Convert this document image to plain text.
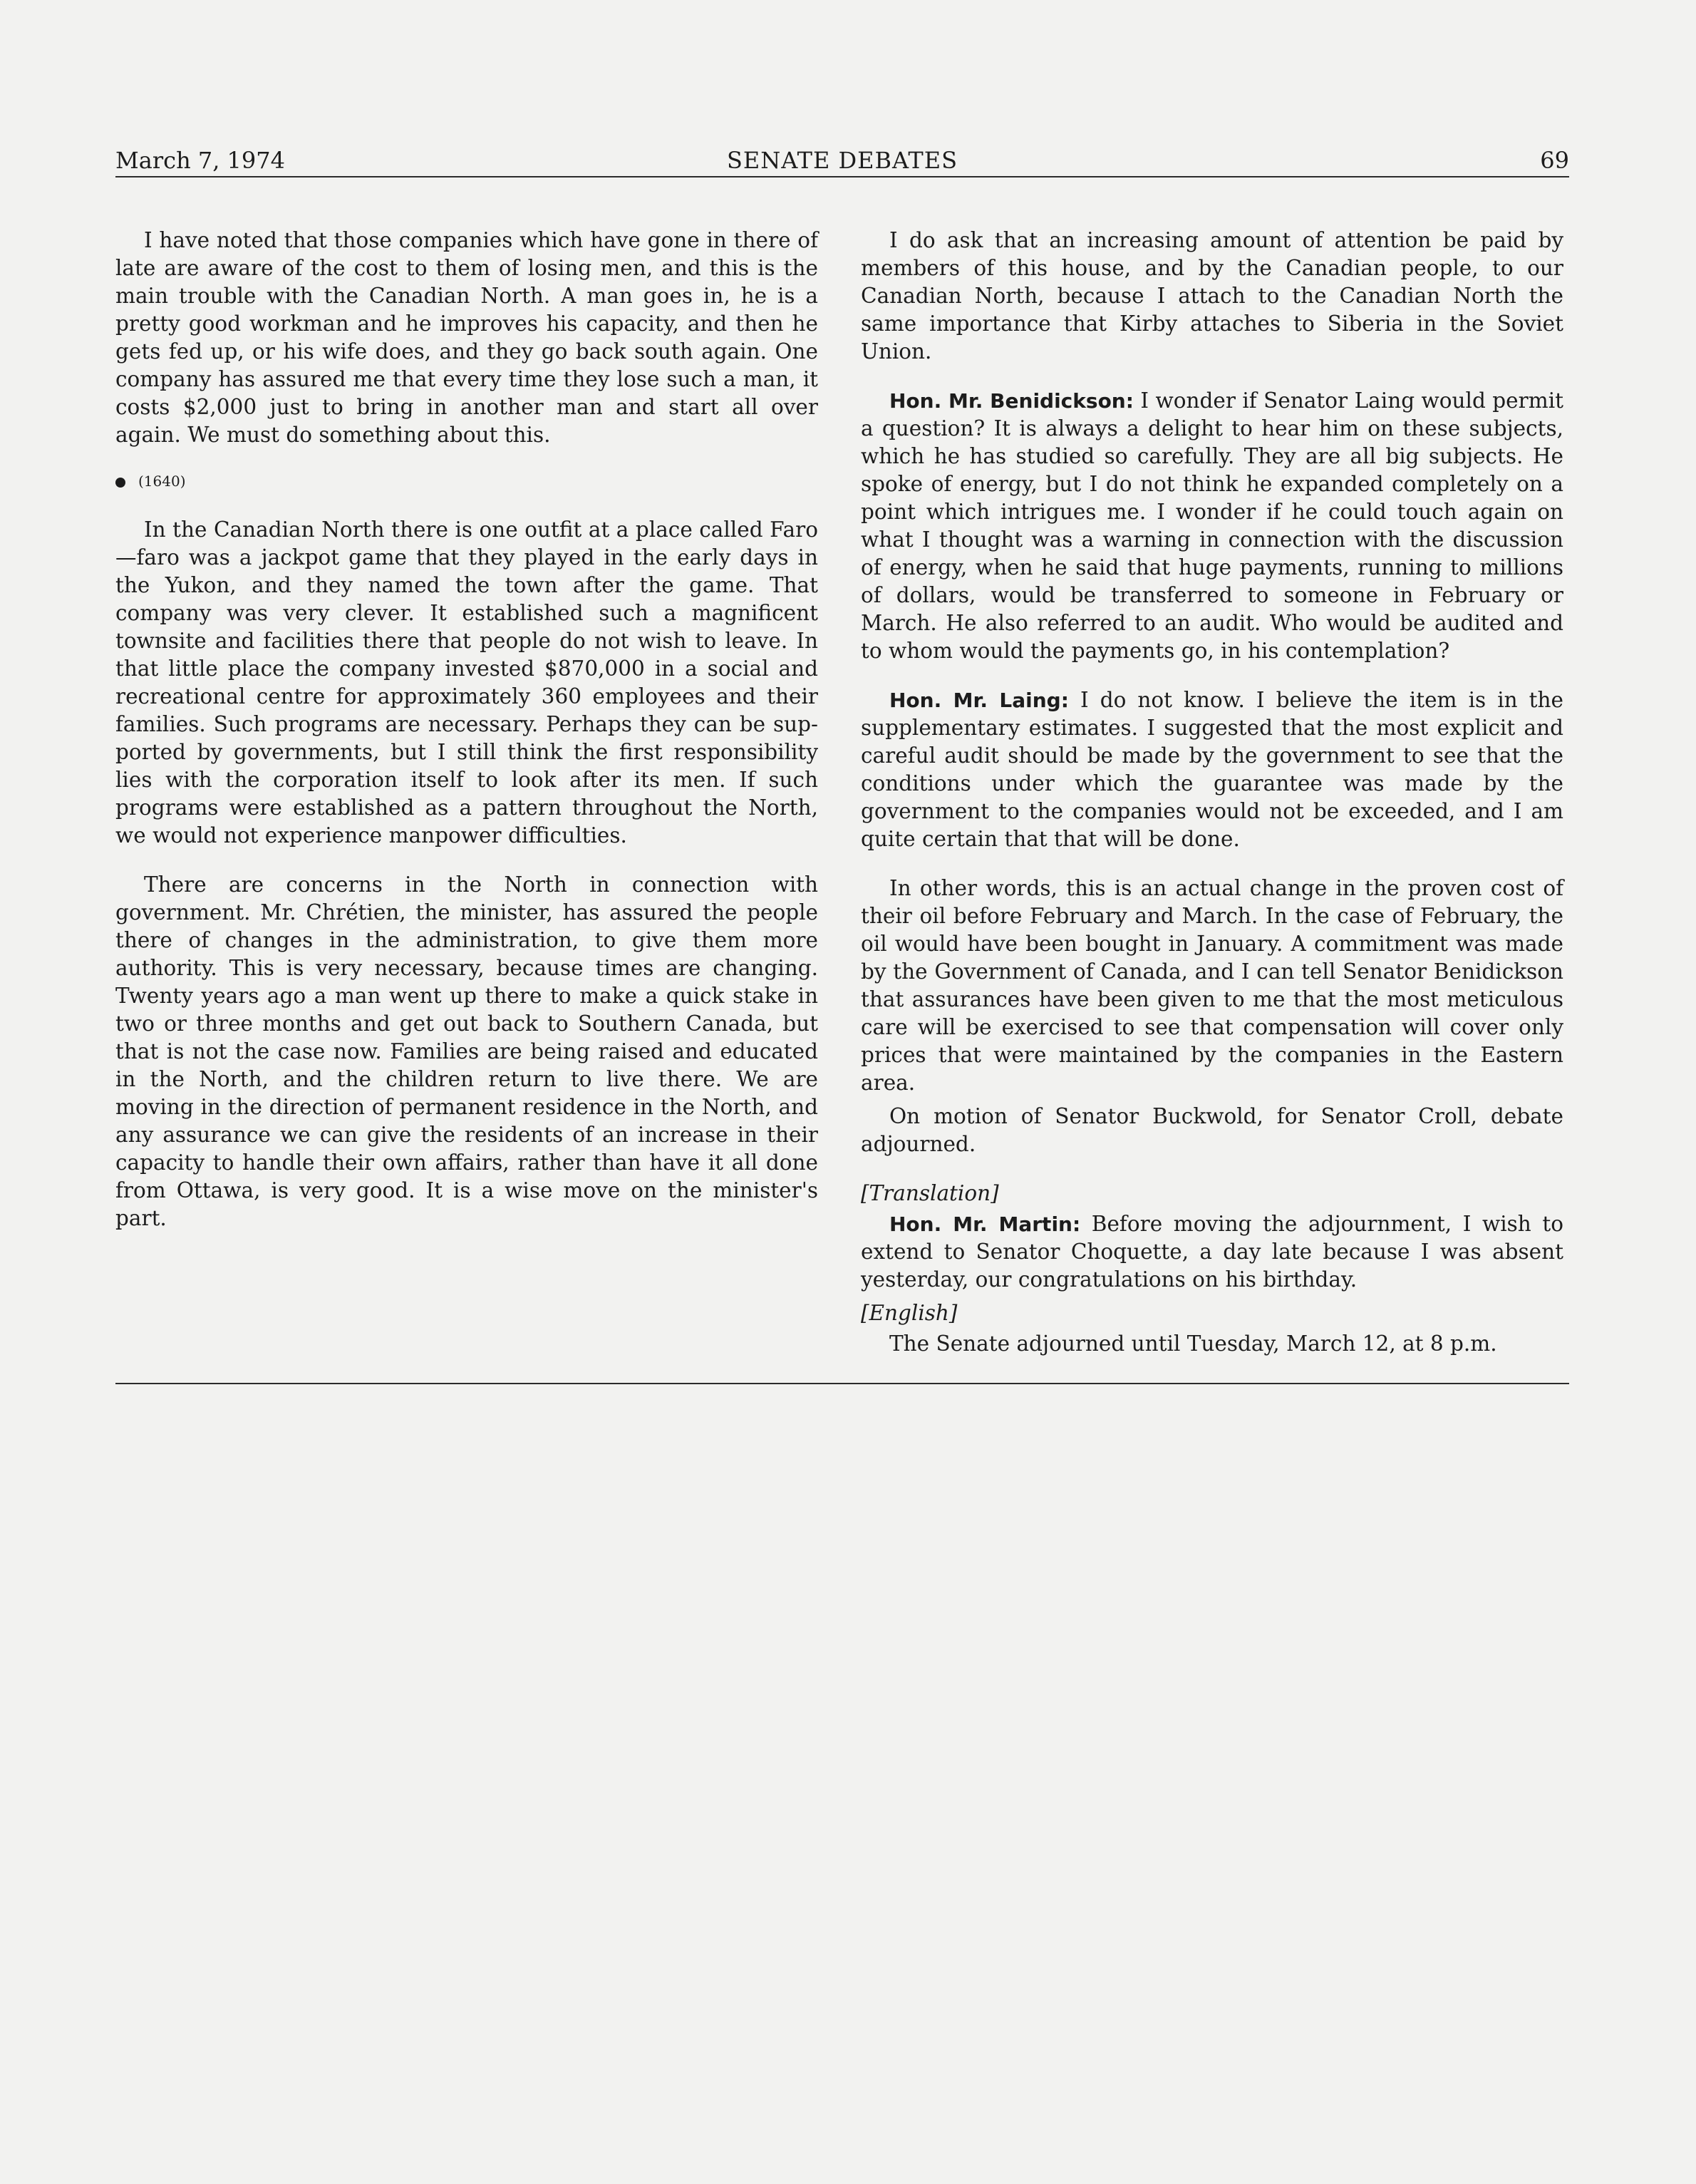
March 7, 1974	SENATE DEBATES	69

I have noted that those companies which have gone in there of late are aware of the cost to them of losing men, and this is the main trouble with the Canadian North. A man goes in, he is a pretty good workman and he improves his capacity, and then he gets fed up, or his wife does, and they go back south again. One company has assured me that every time they lose such a man, it costs $2,000 just to bring in another man and start all over again. We must do something about this.

(1640)

In the Canadian North there is one outfit at a place called Faro—faro was a jackpot game that they played in the early days in the Yukon, and they named the town after the game. That company was very clever. It established such a magnificent townsite and facilities there that people do not wish to leave. In that little place the company invested $870,000 in a social and recreational centre for approximately 360 employees and their families. Such programs are necessary. Perhaps they can be supported by governments, but I still think the first responsibility lies with the corporation itself to look after its men. If such programs were established as a pattern throughout the North, we would not experience manpower difficulties.

There are concerns in the North in connection with government. Mr. Chrétien, the minister, has assured the people there of changes in the administration, to give them more authority. This is very necessary, because times are changing. Twenty years ago a man went up there to make a quick stake in two or three months and get out back to Southern Canada, but that is not the case now. Families are being raised and educated in the North, and the children return to live there. We are moving in the direction of permanent residence in the North, and any assurance we can give the residents of an increase in their capacity to handle their own affairs, rather than have it all done from Ottawa, is very good. It is a wise move on the minister's part.

I do ask that an increasing amount of attention be paid by members of this house, and by the Canadian people, to our Canadian North, because I attach to the Canadian North the same importance that Kirby attaches to Siberia in the Soviet Union.

Hon. Mr. Benidickson: I wonder if Senator Laing would permit a question? It is always a delight to hear him on these subjects, which he has studied so carefully. They are all big subjects. He spoke of energy, but I do not think he expanded completely on a point which intrigues me. I wonder if he could touch again on what I thought was a warning in connection with the discussion of energy, when he said that huge payments, running to millions of dollars, would be transferred to someone in February or March. He also referred to an audit. Who would be audited and to whom would the payments go, in his contemplation?

Hon. Mr. Laing: I do not know. I believe the item is in the supplementary estimates. I suggested that the most explicit and careful audit should be made by the government to see that the conditions under which the guarantee was made by the government to the companies would not be exceeded, and I am quite certain that that will be done.

In other words, this is an actual change in the proven cost of their oil before February and March. In the case of February, the oil would have been bought in January. A commitment was made by the Government of Canada, and I can tell Senator Benidickson that assurances have been given to me that the most meticulous care will be exercised to see that compensation will cover only prices that were maintained by the companies in the Eastern area.

On motion of Senator Buckwold, for Senator Croll, debate adjourned.

[Translation]

Hon. Mr. Martin: Before moving the adjournment, I wish to extend to Senator Choquette, a day late because I was absent yesterday, our congratulations on his birthday.

[English]

The Senate adjourned until Tuesday, March 12, at 8 p.m.
